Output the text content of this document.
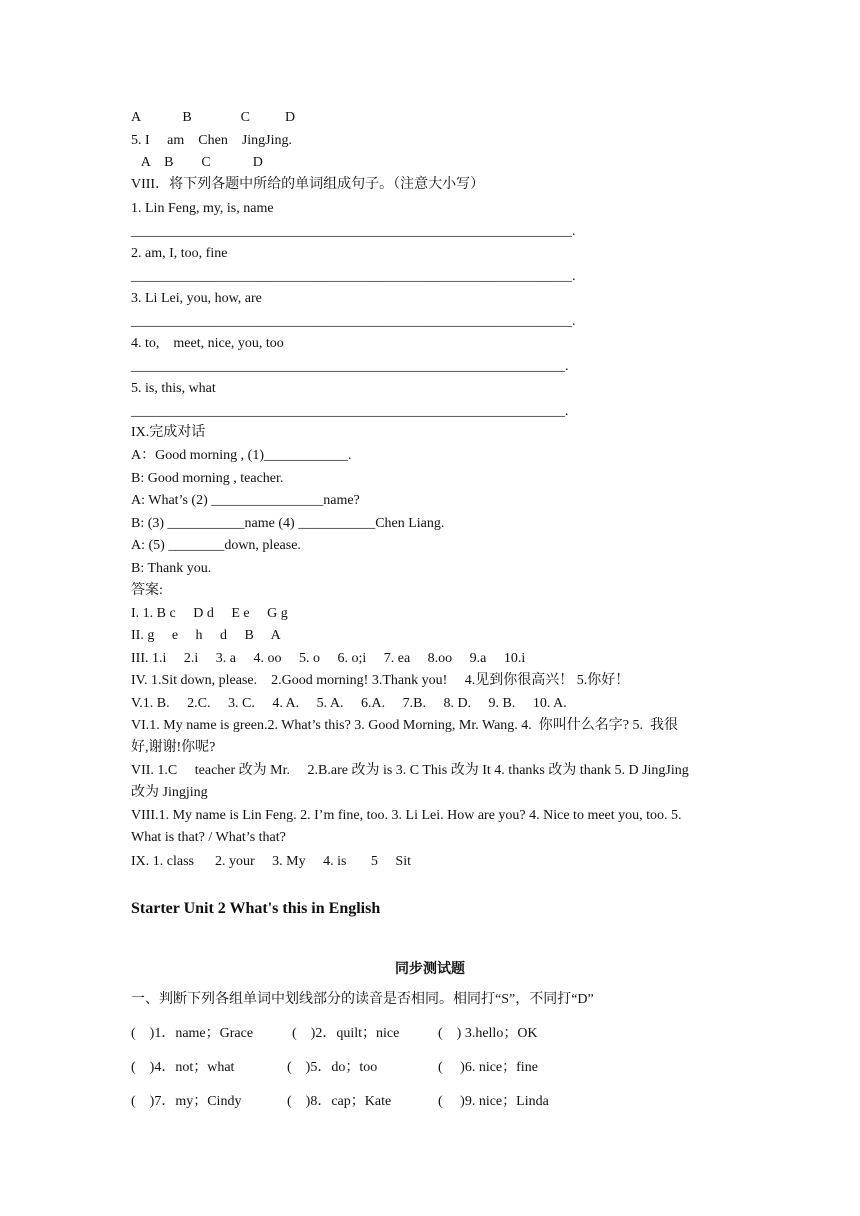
A            B              C          D
5. I     am    Chen    JingJing.
A    B        C            D
VIII．将下列各题中所给的单词组成句子。（注意大小写）
1. Lin Feng, my, is, name
_______________________________________________________________.
2. am, I, too, fine
_______________________________________________________________.
3. Li Lei, you, how, are
_______________________________________________________________.
4. to,    meet, nice, you, too
______________________________________________________________.
5. is, this, what
______________________________________________________________.
IX.完成对话
A：Good morning , (1)____________.
B: Good morning , teacher.
A: What’s (2) ________________name?
B: (3) ___________name (4) ___________Chen Liang.
A: (5) ________down, please.
B: Thank you.
答案:
I. 1. B c     D d     E e     G g
II. g     e     h     d     B     A
III. 1.i     2.i     3. a     4. oo     5. o     6. o;i     7. ea     8.oo     9.a     10.i
IV. 1.Sit down, please.    2.Good morning! 3.Thank you!     4.见到你很高兴！ 5.你好！
V.1. B.     2.C.     3. C.     4. A.     5. A.     6.A.     7.B.     8. D.     9. B.     10. A.
VI.1. My name is green.2. What’s this? 3. Good Morning, Mr. Wang. 4.  你叫什么名字? 5.  我很
好,谢谢!你呢?
VII. 1.C     teacher 改为 Mr.     2.B.are 改为 is 3. C This 改为 It 4. thanks 改为 thank 5. D JingJing
改为 Jingjing
VIII.1. My name is Lin Feng. 2. I’m fine, too. 3. Li Lei. How are you? 4. Nice to meet you, too. 5.
What is that? / What’s that?
IX. 1. class      2. your     3. My     4. is       5     Sit
Starter Unit 2 What's this in English
同步测试题
一、判断下列各组单词中划线部分的读音是否相同。相同打“S”，不同打“D”
(    )1．name；Grace	(    )2．quilt；nice	(    ) 3.hello；OK
(    )4．not；what	(    )5．do；too	(     )6. nice；fine
(    )7．my；Cindy	(    )8．cap；Kate	(     )9. nice；Linda
